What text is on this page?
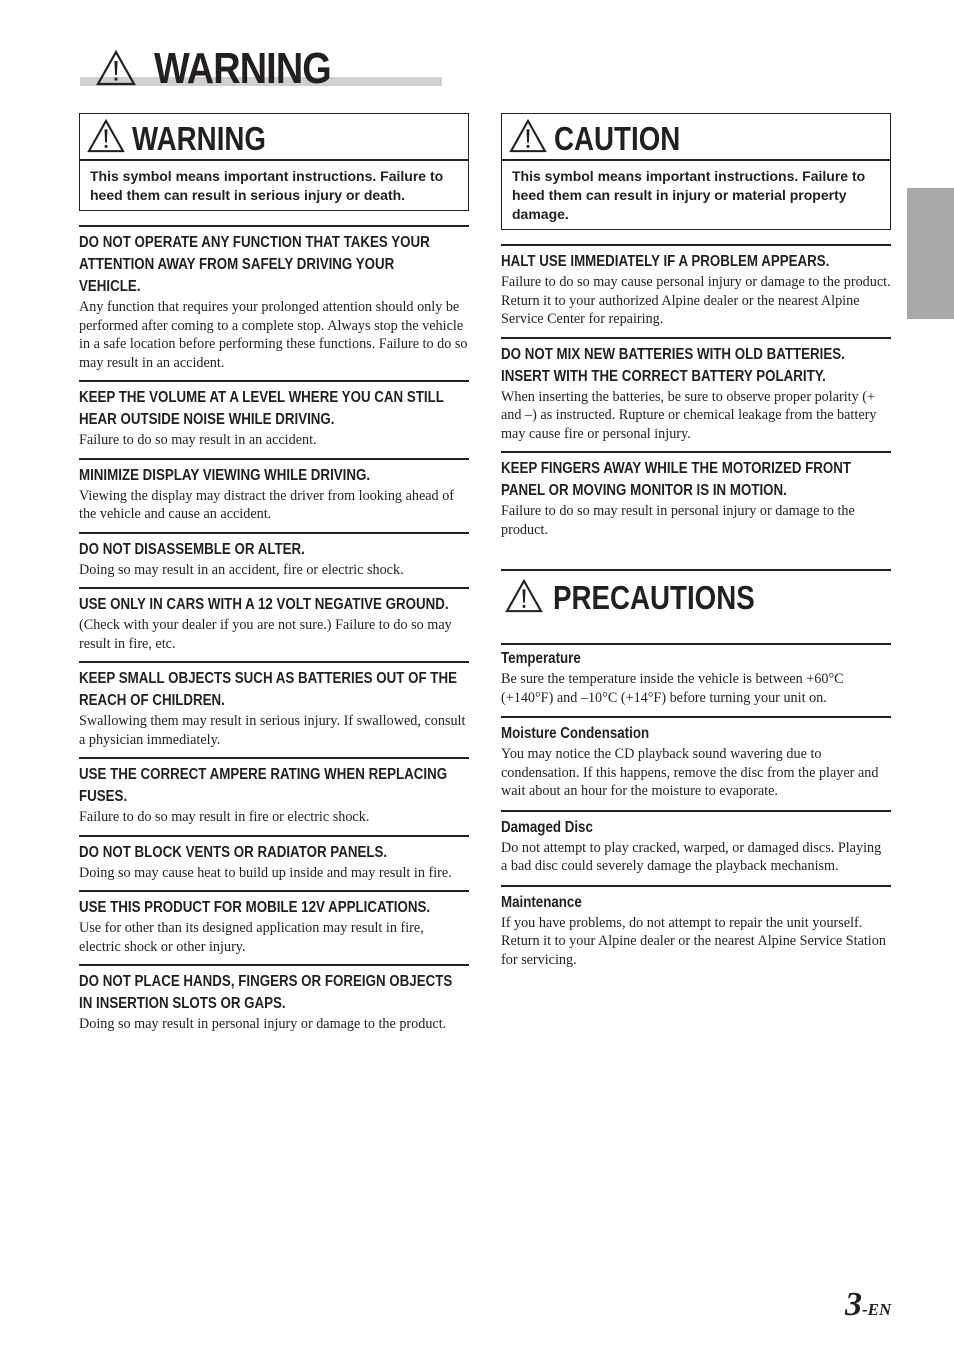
WARNING
WARNING
This symbol means important instructions. Failure to heed them can result in serious injury or death.
DO NOT OPERATE ANY FUNCTION THAT TAKES YOUR
ATTENTION AWAY FROM SAFELY DRIVING YOUR
VEHICLE.

Any function that requires your prolonged attention should only be performed after coming to a complete stop. Always stop the vehicle in a safe location before performing these functions. Failure to do so may result in an accident.

KEEP THE VOLUME AT A LEVEL WHERE YOU CAN STILL
HEAR OUTSIDE NOISE WHILE DRIVING.

Failure to do so may result in an accident.

MINIMIZE DISPLAY VIEWING WHILE DRIVING.

Viewing the display may distract the driver from looking ahead of the vehicle and cause an accident.

DO NOT DISASSEMBLE OR ALTER.

Doing so may result in an accident, fire or electric shock.

USE ONLY IN CARS WITH A 12 VOLT NEGATIVE GROUND.

(Check with your dealer if you are not sure.) Failure to do so may result in fire, etc.

KEEP SMALL OBJECTS SUCH AS BATTERIES OUT OF THE
REACH OF CHILDREN.

Swallowing them may result in serious injury. If swallowed, consult a physician immediately.

USE THE CORRECT AMPERE RATING WHEN REPLACING
FUSES.

Failure to do so may result in fire or electric shock.

DO NOT BLOCK VENTS OR RADIATOR PANELS.

Doing so may cause heat to build up inside and may result in fire.

USE THIS PRODUCT FOR MOBILE 12V APPLICATIONS.

Use for other than its designed application may result in fire, electric shock or other injury.

DO NOT PLACE HANDS, FINGERS OR FOREIGN OBJECTS
IN INSERTION SLOTS OR GAPS.

Doing so may result in personal injury or damage to the product.

CAUTION
This symbol means important instructions. Failure to heed them can result in injury or material property damage.
HALT USE IMMEDIATELY IF A PROBLEM APPEARS.

Failure to do so may cause personal injury or damage to the product. Return it to your authorized Alpine dealer or the nearest Alpine Service Center for repairing.

DO NOT MIX NEW BATTERIES WITH OLD BATTERIES.
INSERT WITH THE CORRECT BATTERY POLARITY.

When inserting the batteries, be sure to observe proper polarity (+ and –) as instructed. Rupture or chemical leakage from the battery may cause fire or personal injury.

KEEP FINGERS AWAY WHILE THE MOTORIZED FRONT
PANEL OR MOVING MONITOR IS IN MOTION.

Failure to do so may result in personal injury or damage to the product.

PRECAUTIONS
Temperature

Be sure the temperature inside the vehicle is between +60°C (+140°F) and –10°C (+14°F) before turning your unit on.

Moisture Condensation

You may notice the CD playback sound wavering due to condensation. If this happens, remove the disc from the player and wait about an hour for the moisture to evaporate.

Damaged Disc

Do not attempt to play cracked, warped, or damaged discs. Playing a bad disc could severely damage the playback mechanism.

Maintenance

If you have problems, do not attempt to repair the unit yourself. Return it to your Alpine dealer or the nearest Alpine Service Station for servicing.

3-EN
